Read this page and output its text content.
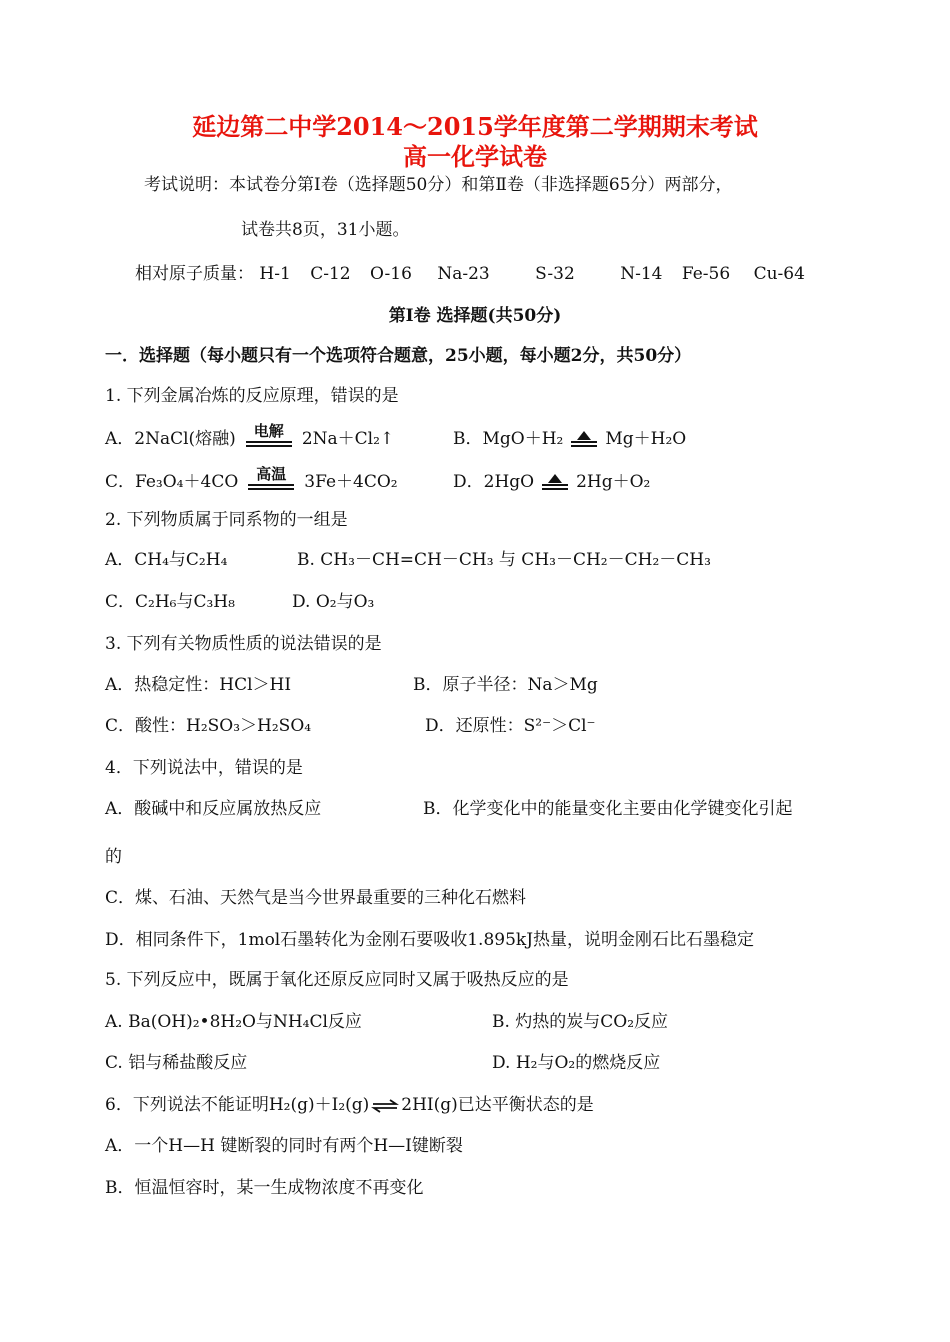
延边第二中学2014～2015学年度第二学期期末考试
高一化学试卷
考试说明：本试卷分第Ⅰ卷（选择题50分）和第Ⅱ卷（非选择题65分）两部分，
试卷共8页，31小题。
相对原子质量： H-1 C-12 O-16 Na-23	S-32	N-14 Fe-56 Cu-64
第Ⅰ卷 选择题(共50分)
一．选择题（每小题只有一个选项符合题意，25小题，每小题2分，共50分）
1. 下列金属冶炼的反应原理，错误的是
A．2NaCl(熔融)	电解	2Na＋Cl₂↑	B．MgO＋H₂ Mg＋H₂O
C．Fe₃O₄＋4CO	高温	3Fe＋4CO₂	D．2HgO 2Hg＋O₂
2. 下列物质属于同系物的一组是
A．CH₄与C₂H₄	B. CH₃－CH=CH－CH₃ 与 CH₃－CH₂－CH₂－CH₃
C．C₂H₆与C₃H₈	D. O₂与O₃
3. 下列有关物质性质的说法错误的是
A．热稳定性：HCl＞HI	B．原子半径：Na＞Mg
C．酸性：H₂SO₃＞H₂SO₄	D．还原性：S²⁻＞Cl⁻
4．下列说法中，错误的是
A．酸碱中和反应属放热反应	B．化学变化中的能量变化主要由化学键变化引起
的
C．煤、石油、天然气是当今世界最重要的三种化石燃料
D．相同条件下，1mol石墨转化为金刚石要吸收1.895kJ热量，说明金刚石比石墨稳定
5. 下列反应中，既属于氧化还原反应同时又属于吸热反应的是
A. Ba(OH)₂•8H₂O与NH₄Cl反应	B. 灼热的炭与CO₂反应
C. 铝与稀盐酸反应	D. H₂与O₂的燃烧反应
6．下列说法不能证明H₂(g)＋I₂(g) ⇌ 2HI(g)已达平衡状态的是
A．一个H—H 键断裂的同时有两个H—I键断裂
B．恒温恒容时，某一生成物浓度不再变化
